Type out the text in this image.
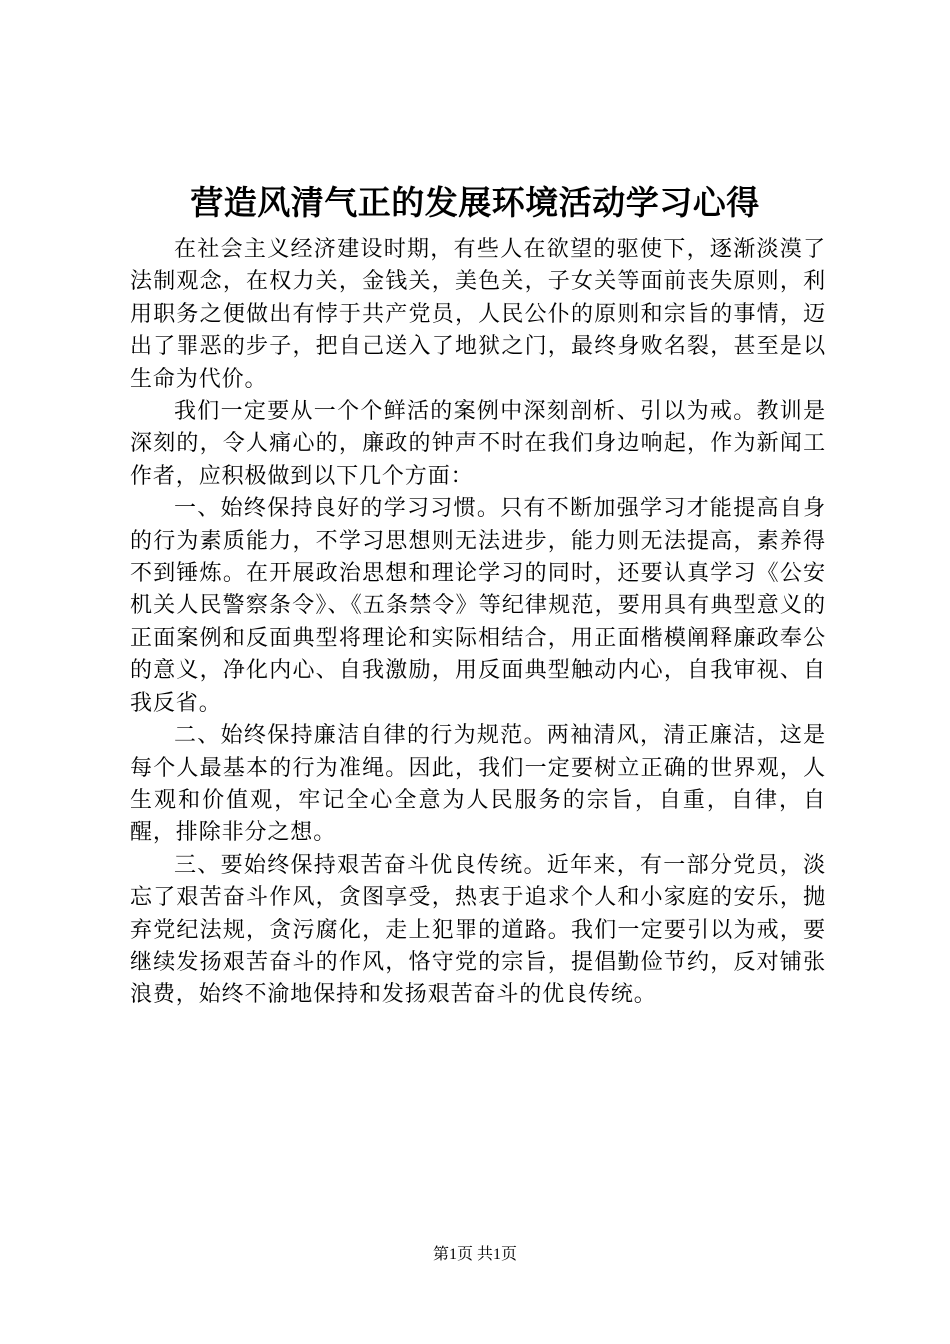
营造风清气正的发展环境活动学习心得

在社会主义经济建设时期，有些人在欲望的驱使下，逐渐淡漠了法制观念，在权力关，金钱关，美色关，子女关等面前丧失原则，利用职务之便做出有悖于共产党员，人民公仆的原则和宗旨的事情，迈出了罪恶的步子，把自己送入了地狱之门，最终身败名裂，甚至是以生命为代价。

我们一定要从一个个鲜活的案例中深刻剖析、引以为戒。教训是深刻的，令人痛心的，廉政的钟声不时在我们身边响起，作为新闻工作者，应积极做到以下几个方面：

一、始终保持良好的学习习惯。只有不断加强学习才能提高自身的行为素质能力，不学习思想则无法进步，能力则无法提高，素养得不到锤炼。在开展政治思想和理论学习的同时，还要认真学习《公安机关人民警察条令》、《五条禁令》等纪律规范，要用具有典型意义的正面案例和反面典型将理论和实际相结合，用正面楷模阐释廉政奉公的意义，净化内心、自我激励，用反面典型触动内心，自我审视、自我反省。

二、始终保持廉洁自律的行为规范。两袖清风，清正廉洁，这是每个人最基本的行为准绳。因此，我们一定要树立正确的世界观，人生观和价值观，牢记全心全意为人民服务的宗旨，自重，自律，自醒，排除非分之想。

三、要始终保持艰苦奋斗优良传统。近年来，有一部分党员，淡忘了艰苦奋斗作风，贪图享受，热衷于追求个人和小家庭的安乐，抛弃党纪法规，贪污腐化，走上犯罪的道路。我们一定要引以为戒，要继续发扬艰苦奋斗的作风，恪守党的宗旨，提倡勤俭节约，反对铺张浪费，始终不渝地保持和发扬艰苦奋斗的优良传统。

第1页 共1页
